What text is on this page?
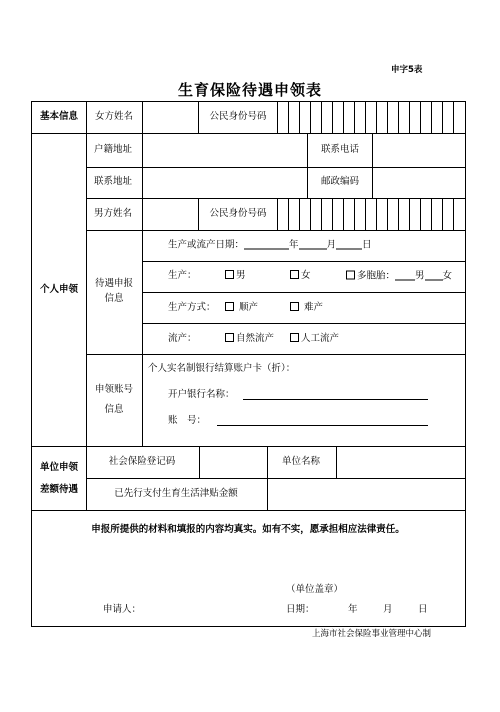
申字5表
生育保险待遇申领表
基本信息 女方姓名	公民身份号码
个人申领
户籍地址	联系电话
联系地址	邮政编码
男方姓名	公民身份号码
待遇申报
信息
生产或流产日期：	年	月	日
生产：	男	女	多胞胎： 男 女
生产方式：	顺产	难产
流产：	自然流产	人工流产
申领账号
信息
个人实名制银行结算账户卡（折）：
开户银行名称：
账　号：
单位申领
差额待遇
社会保险登记码	单位名称
已先行支付生育生活津贴金额
申报所提供的材料和填报的内容均真实。如有不实，愿承担相应法律责任。
（单位盖章）
申请人：	日期：	年	月	日
上海市社会保险事业管理中心制
